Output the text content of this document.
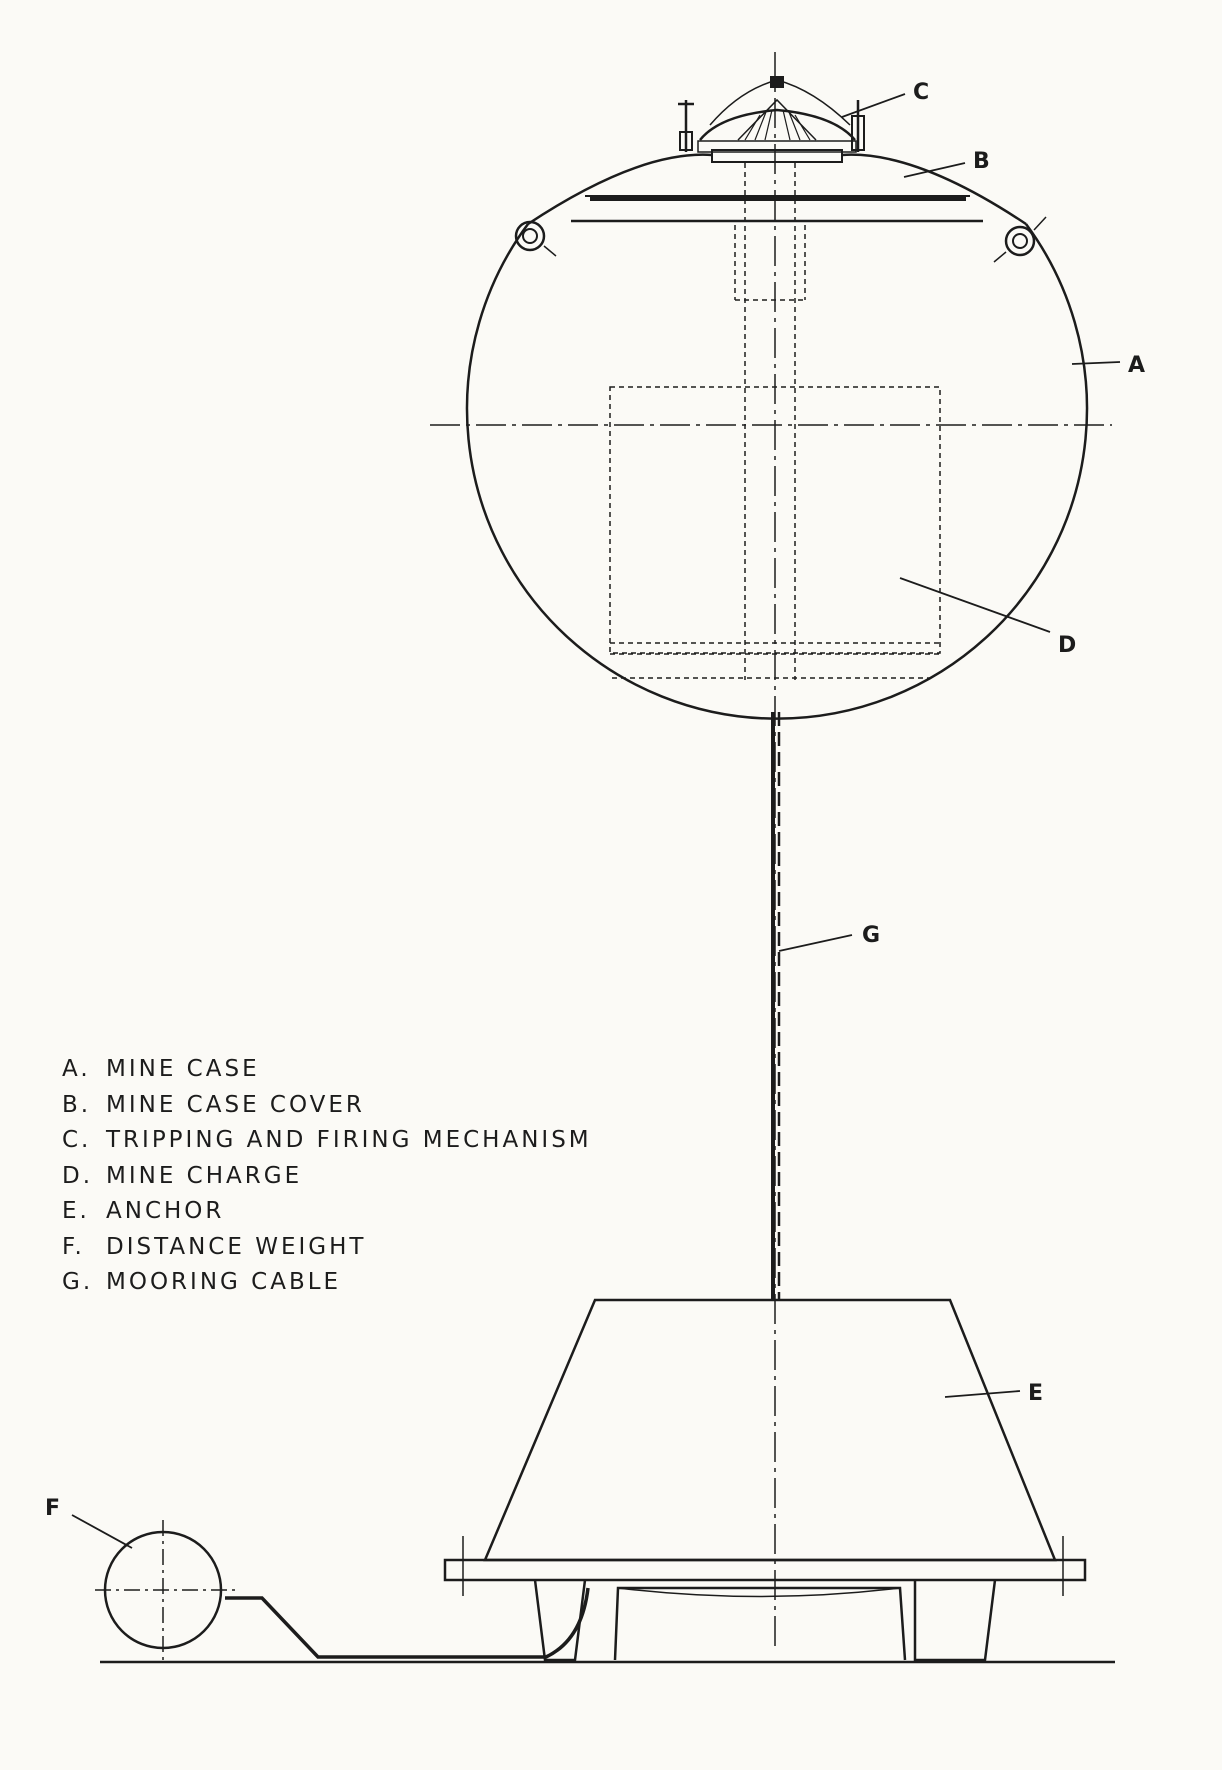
C
B
A
D
G
E
F
A. MINE CASE
B. MINE CASE COVER
C. TRIPPING AND FIRING MECHANISM
D. MINE CHARGE
E. ANCHOR
F. DISTANCE WEIGHT
G. MOORING CABLE
